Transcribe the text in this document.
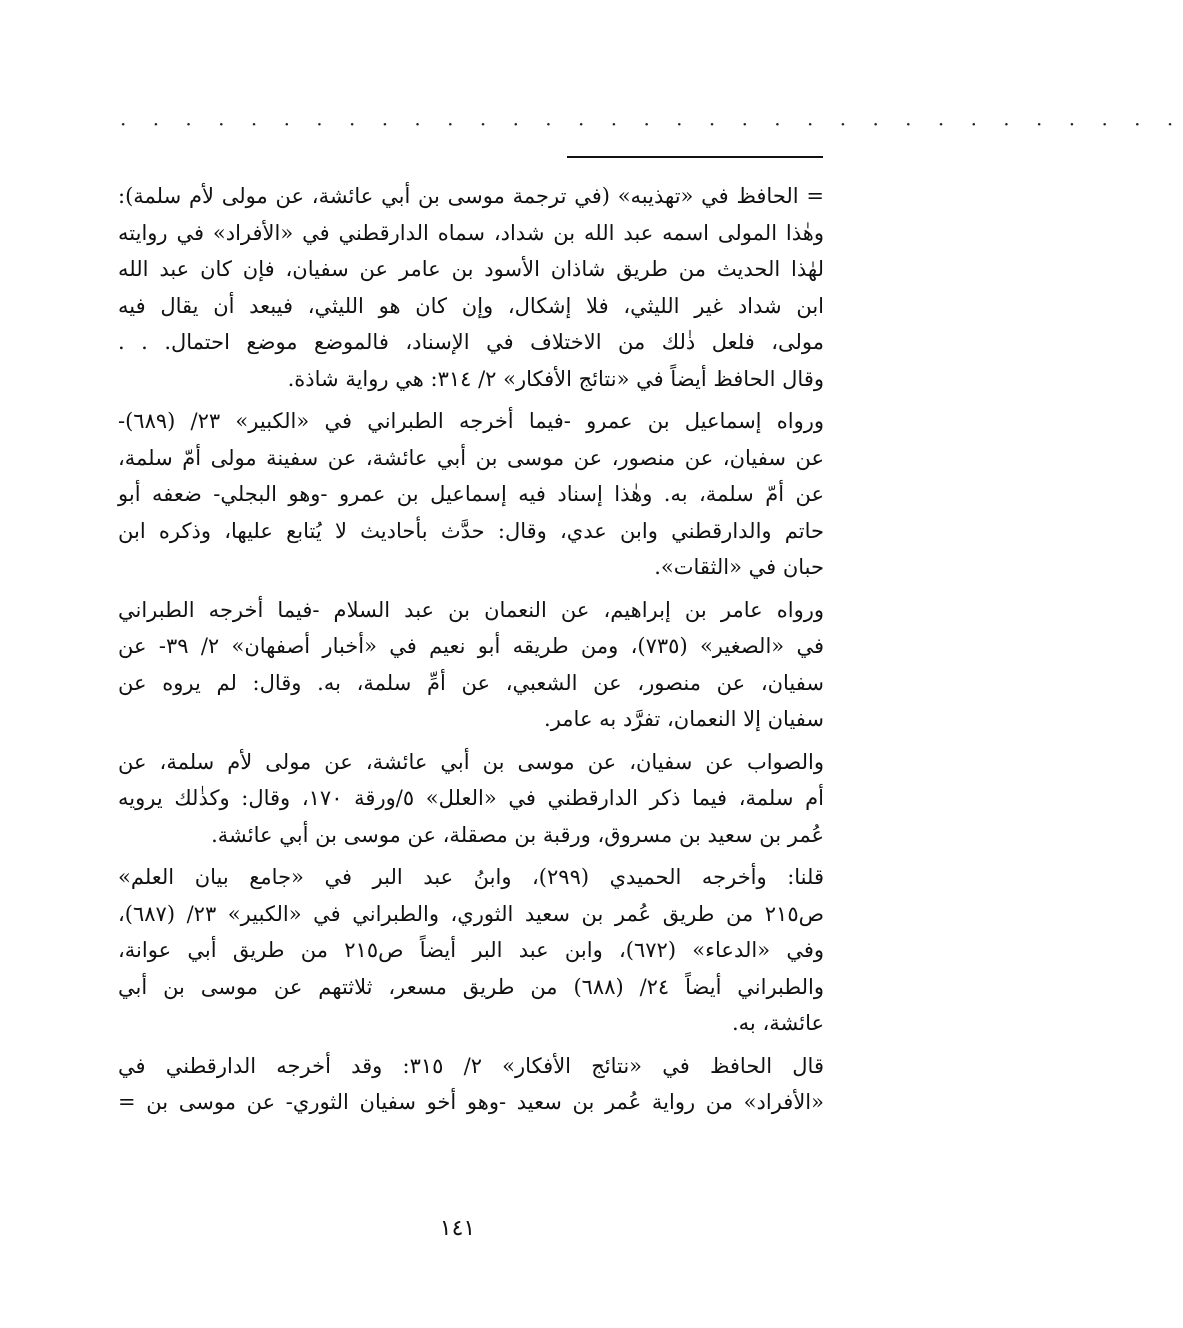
· · · · · · · · · · · · · · · · · · · · · · · · · · · · · · · · ·
= الحافظ في «تهذيبه» (في ترجمة موسى بن أبي عائشة، عن مولى لأم سلمة):
وهٰذا المولى اسمه عبد الله بن شداد، سماه الدارقطني في «الأفراد» في روايته
لهٰذا الحديث من طريق شاذان الأسود بن عامر عن سفيان، فإن كان عبد الله
ابن شداد غير الليثي، فلا إشكال، وإن كان هو الليثي، فيبعد أن يقال فيه
مولى، فلعل ذٰلك من الاختلاف في الإسناد، فالموضع موضع احتمال. . .
وقال الحافظ أيضاً في «نتائج الأفكار» ٢/ ٣١٤: هي رواية شاذة.
ورواه إسماعيل بن عمرو -فيما أخرجه الطبراني في «الكبير» ٢٣/ (٦٨٩)-
عن سفيان، عن منصور، عن موسى بن أبي عائشة، عن سفينة مولى أمّ سلمة،
عن أمّ سلمة، به. وهٰذا إسناد فيه إسماعيل بن عمرو -وهو البجلي- ضعفه أبو
حاتم والدارقطني وابن عدي، وقال: حدَّث بأحاديث لا يُتابع عليها، وذكره ابن
حبان في «الثقات».
ورواه عامر بن إبراهيم، عن النعمان بن عبد السلام -فيما أخرجه الطبراني
في «الصغير» (٧٣٥)، ومن طريقه أبو نعيم في «أخبار أصفهان» ٢/ ٣٩- عن
سفيان، عن منصور، عن الشعبي، عن أمِّ سلمة، به. وقال: لم يروه عن
سفيان إلا النعمان، تفرَّد به عامر.
والصواب عن سفيان، عن موسى بن أبي عائشة، عن مولى لأم سلمة، عن
أم سلمة، فيما ذكر الدارقطني في «العلل» ٥/ورقة ١٧٠، وقال: وكذٰلك يرويه
عُمر بن سعيد بن مسروق، ورقبة بن مصقلة، عن موسى بن أبي عائشة.
قلنا: وأخرجه الحميدي (٢٩٩)، وابنُ عبد البر في «جامع بيان العلم»
ص٢١٥ من طريق عُمر بن سعيد الثوري، والطبراني في «الكبير» ٢٣/ (٦٨٧)،
وفي «الدعاء» (٦٧٢)، وابن عبد البر أيضاً ص٢١٥ من طريق أبي عوانة،
والطبراني أيضاً ٢٤/ (٦٨٨) من طريق مسعر، ثلاثتهم عن موسى بن أبي
عائشة، به.
قال الحافظ في «نتائج الأفكار» ٢/ ٣١٥: وقد أخرجه الدارقطني في
«الأفراد» من رواية عُمر بن سعيد -وهو أخو سفيان الثوري- عن موسى بن =
١٤١
